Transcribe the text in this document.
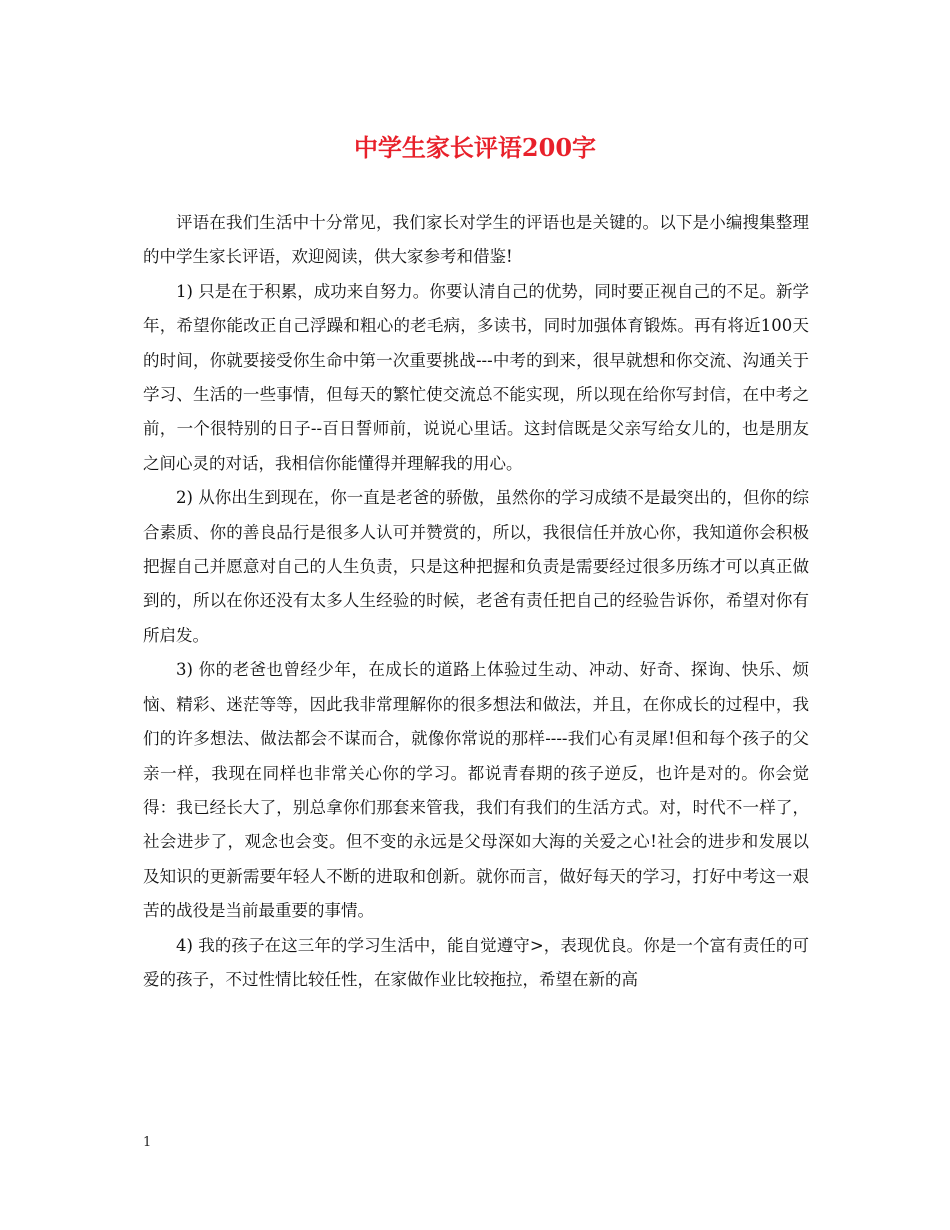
中学生家长评语200字

评语在我们生活中十分常见，我们家长对学生的评语也是关键的。以下是小编搜集整理的中学生家长评语，欢迎阅读，供大家参考和借鉴!

1) 只是在于积累，成功来自努力。你要认清自己的优势，同时要正视自己的不足。新学年，希望你能改正自己浮躁和粗心的老毛病，多读书，同时加强体育锻炼。再有将近100天的时间，你就要接受你生命中第一次重要挑战---中考的到来，很早就想和你交流、沟通关于学习、生活的一些事情，但每天的繁忙使交流总不能实现，所以现在给你写封信，在中考之前，一个很特别的日子--百日誓师前，说说心里话。这封信既是父亲写给女儿的，也是朋友之间心灵的对话，我相信你能懂得并理解我的用心。

2) 从你出生到现在，你一直是老爸的骄傲，虽然你的学习成绩不是最突出的，但你的综合素质、你的善良品行是很多人认可并赞赏的，所以，我很信任并放心你，我知道你会积极把握自己并愿意对自己的人生负责，只是这种把握和负责是需要经过很多历练才可以真正做到的，所以在你还没有太多人生经验的时候，老爸有责任把自己的经验告诉你，希望对你有所启发。

3) 你的老爸也曾经少年，在成长的道路上体验过生动、冲动、好奇、探询、快乐、烦恼、精彩、迷茫等等，因此我非常理解你的很多想法和做法，并且，在你成长的过程中，我们的许多想法、做法都会不谋而合，就像你常说的那样----我们心有灵犀!但和每个孩子的父亲一样，我现在同样也非常关心你的学习。都说青春期的孩子逆反，也许是对的。你会觉得：我已经长大了，别总拿你们那套来管我，我们有我们的生活方式。对，时代不一样了，社会进步了，观念也会变。但不变的永远是父母深如大海的关爱之心!社会的进步和发展以及知识的更新需要年轻人不断的进取和创新。就你而言，做好每天的学习，打好中考这一艰苦的战役是当前最重要的事情。

4) 我的孩子在这三年的学习生活中，能自觉遵守>，表现优良。你是一个富有责任的可爱的孩子，不过性情比较任性，在家做作业比较拖拉，希望在新的高

1
